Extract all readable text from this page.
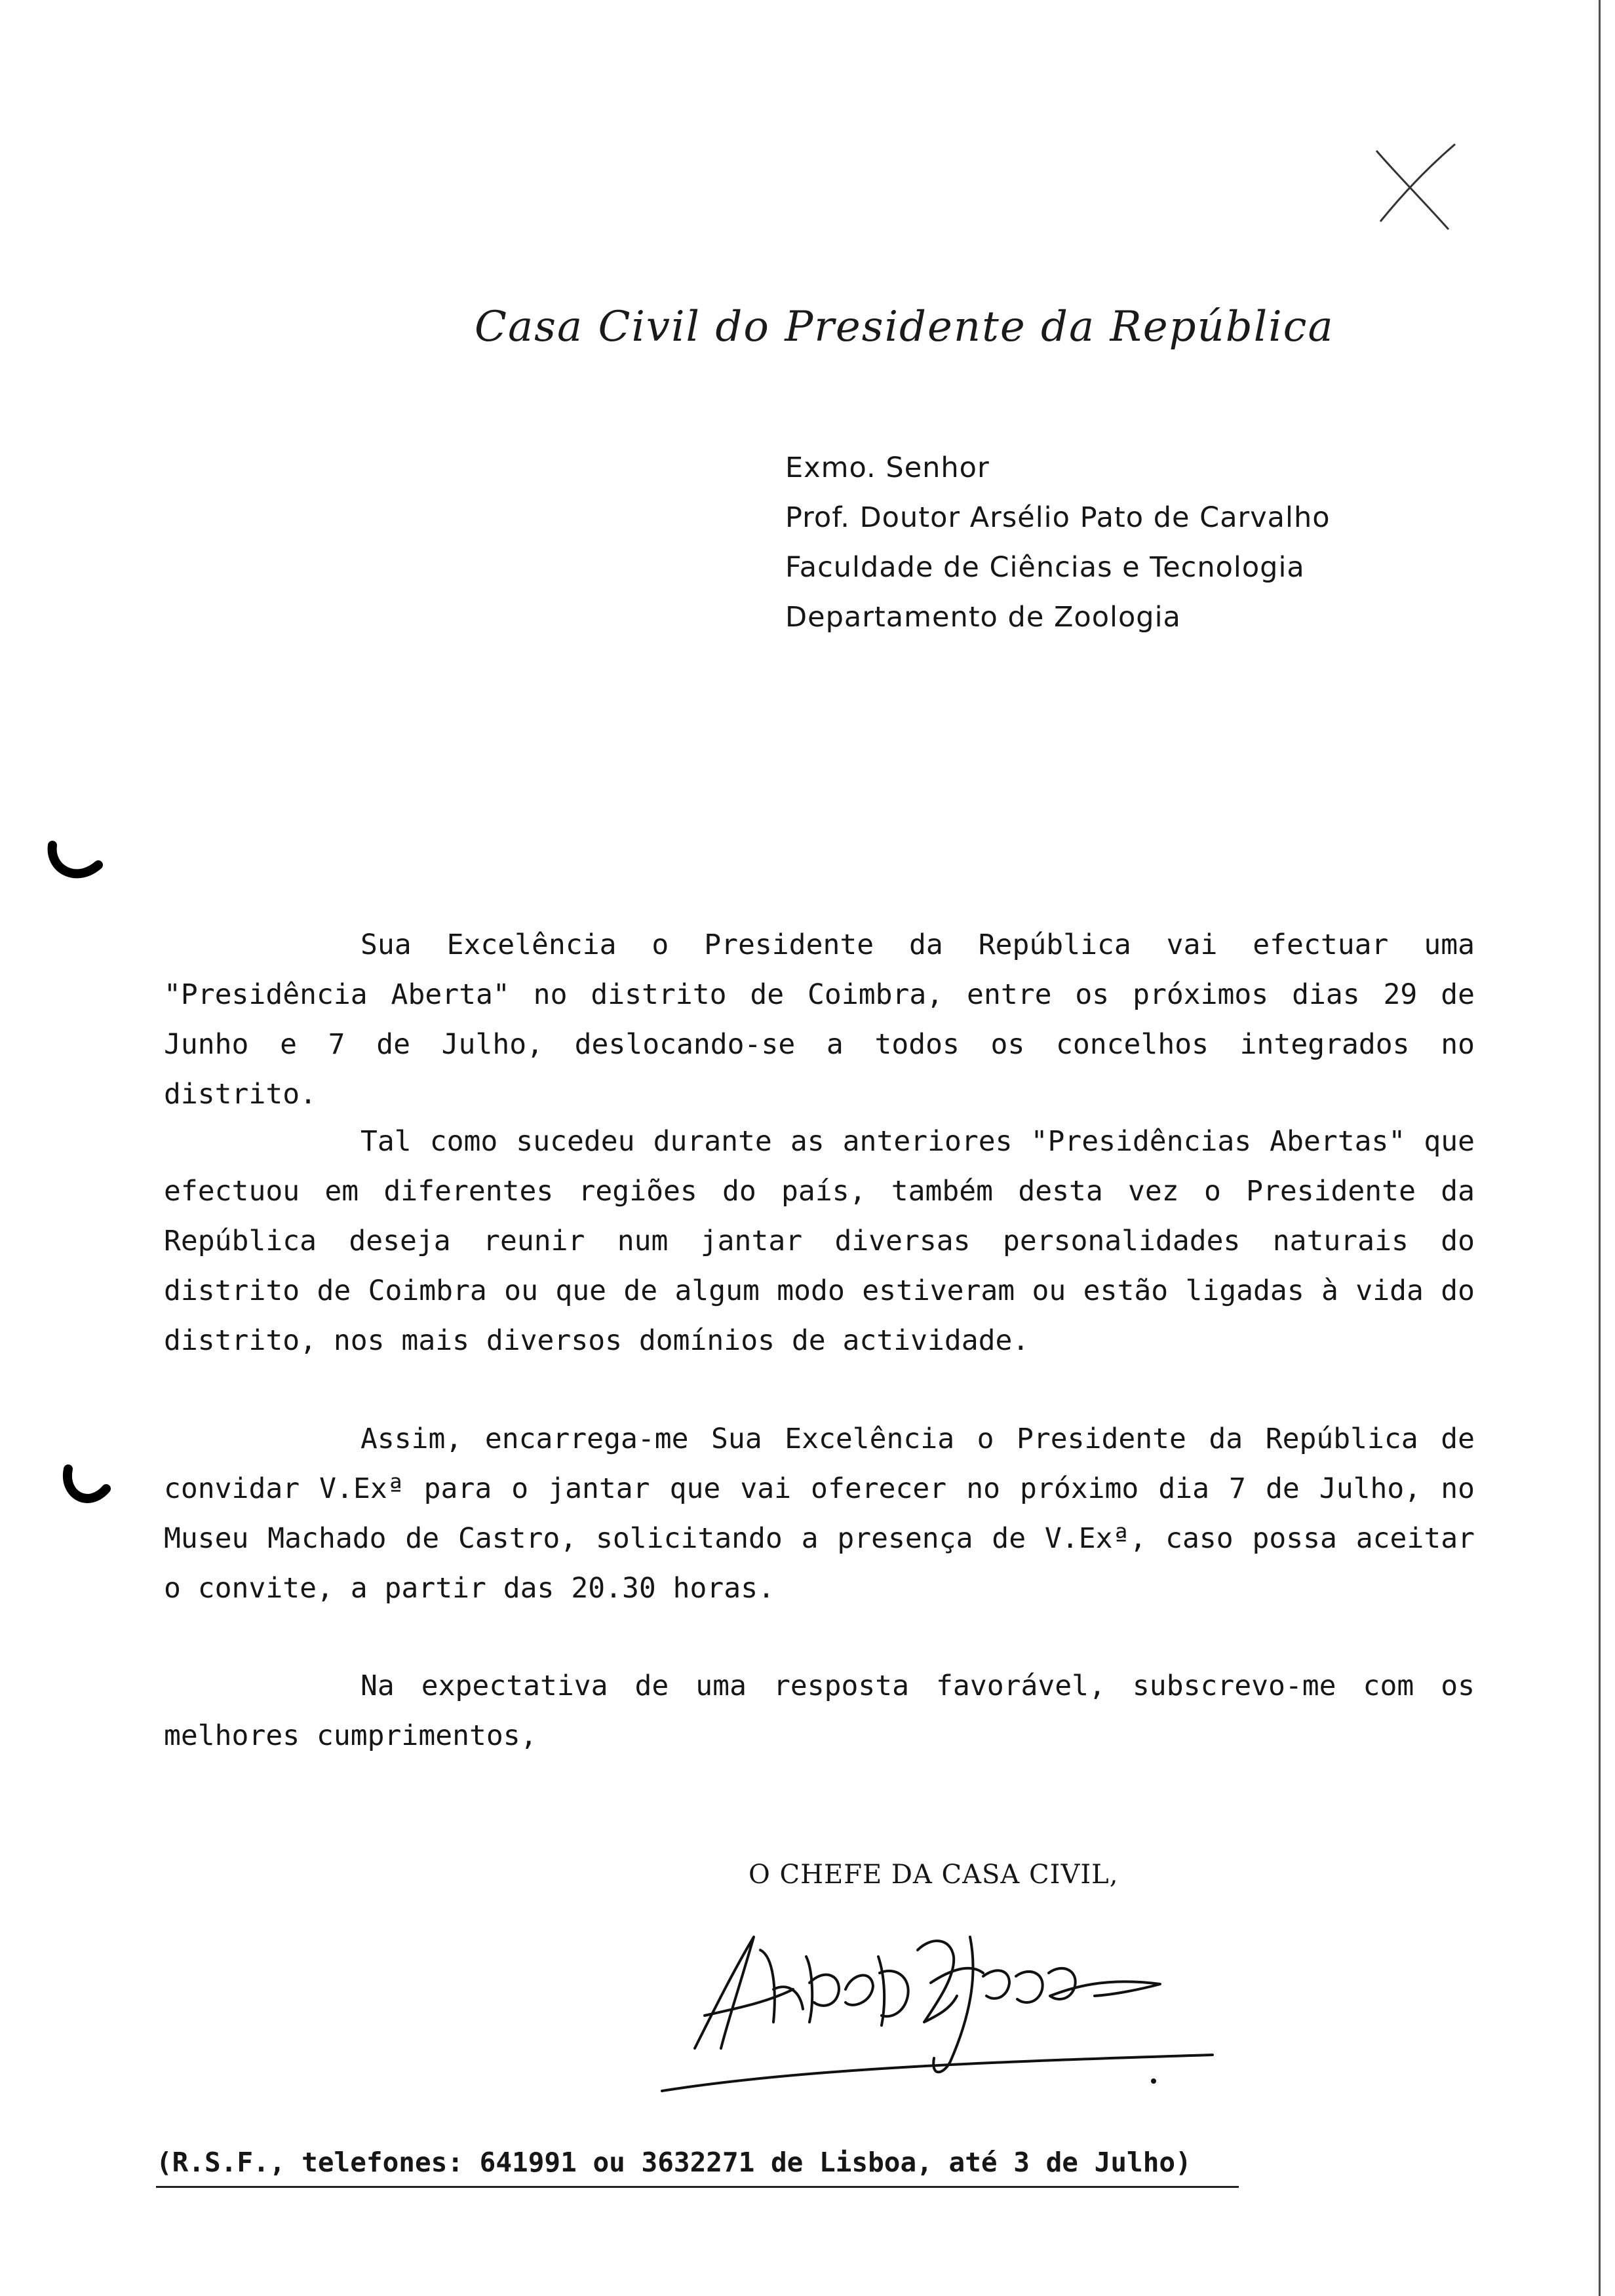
Casa Civil do Presidente da República
Exmo. Senhor
Prof. Doutor Arsélio Pato de Carvalho
Faculdade de Ciências e Tecnologia
Departamento de Zoologia
Sua Excelência o Presidente da República vai efectuar uma "Presidência Aberta" no distrito de Coimbra, entre os próximos dias 29 de Junho e 7 de Julho, deslocando-se a todos os concelhos integrados no distrito.
Tal como sucedeu durante as anteriores "Presidências Abertas" que efectuou em diferentes regiões do país, também desta vez o Presidente da República deseja reunir num jantar diversas personalidades naturais do distrito de Coimbra ou que de algum modo estiveram ou estão ligadas à vida do distrito, nos mais diversos domínios de actividade.
Assim, encarrega-me Sua Excelência o Presidente da República de convidar V.Exª para o jantar que vai oferecer no próximo dia 7 de Julho, no Museu Machado de Castro, solicitando a presença de V.Exª, caso possa aceitar o convite, a partir das 20.30 horas.
Na expectativa de uma resposta favorável, subscrevo-me com os melhores cumprimentos,
O CHEFE DA CASA CIVIL,
(R.S.F., telefones: 641991 ou 3632271 de Lisboa, até 3 de Julho)
